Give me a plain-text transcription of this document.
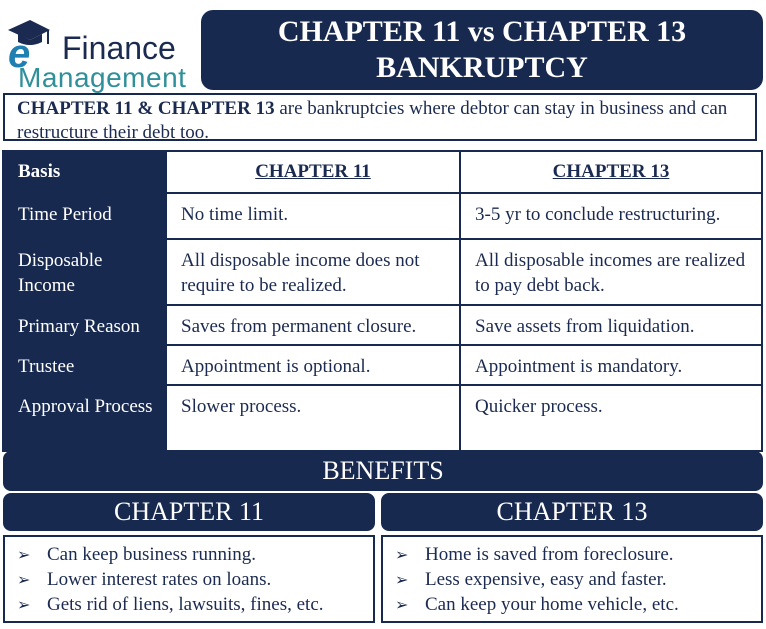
e Finance
Management
CHAPTER 11 vs CHAPTER 13 BANKRUPTCY
CHAPTER 11 & CHAPTER 13 are bankruptcies where debtor can stay in business and can restructure their debt too.
Basis	CHAPTER 11	CHAPTER 13
Time Period	No time limit.	3-5 yr to conclude restructuring.
Disposable Income	All disposable income does not require to be realized.	All disposable incomes are realized to pay debt back.
Primary Reason	Saves from permanent closure.	Save assets from liquidation.
Trustee	Appointment is optional.	Appointment is mandatory.
Approval Process	Slower process.	Quicker process.
BENEFITS
CHAPTER 11	CHAPTER 13
➢ Can keep business running.
➢ Lower interest rates on loans.
➢ Gets rid of liens, lawsuits, fines, etc.
➢ Home is saved from foreclosure.
➢ Less expensive, easy and faster.
➢ Can keep your home vehicle, etc.
